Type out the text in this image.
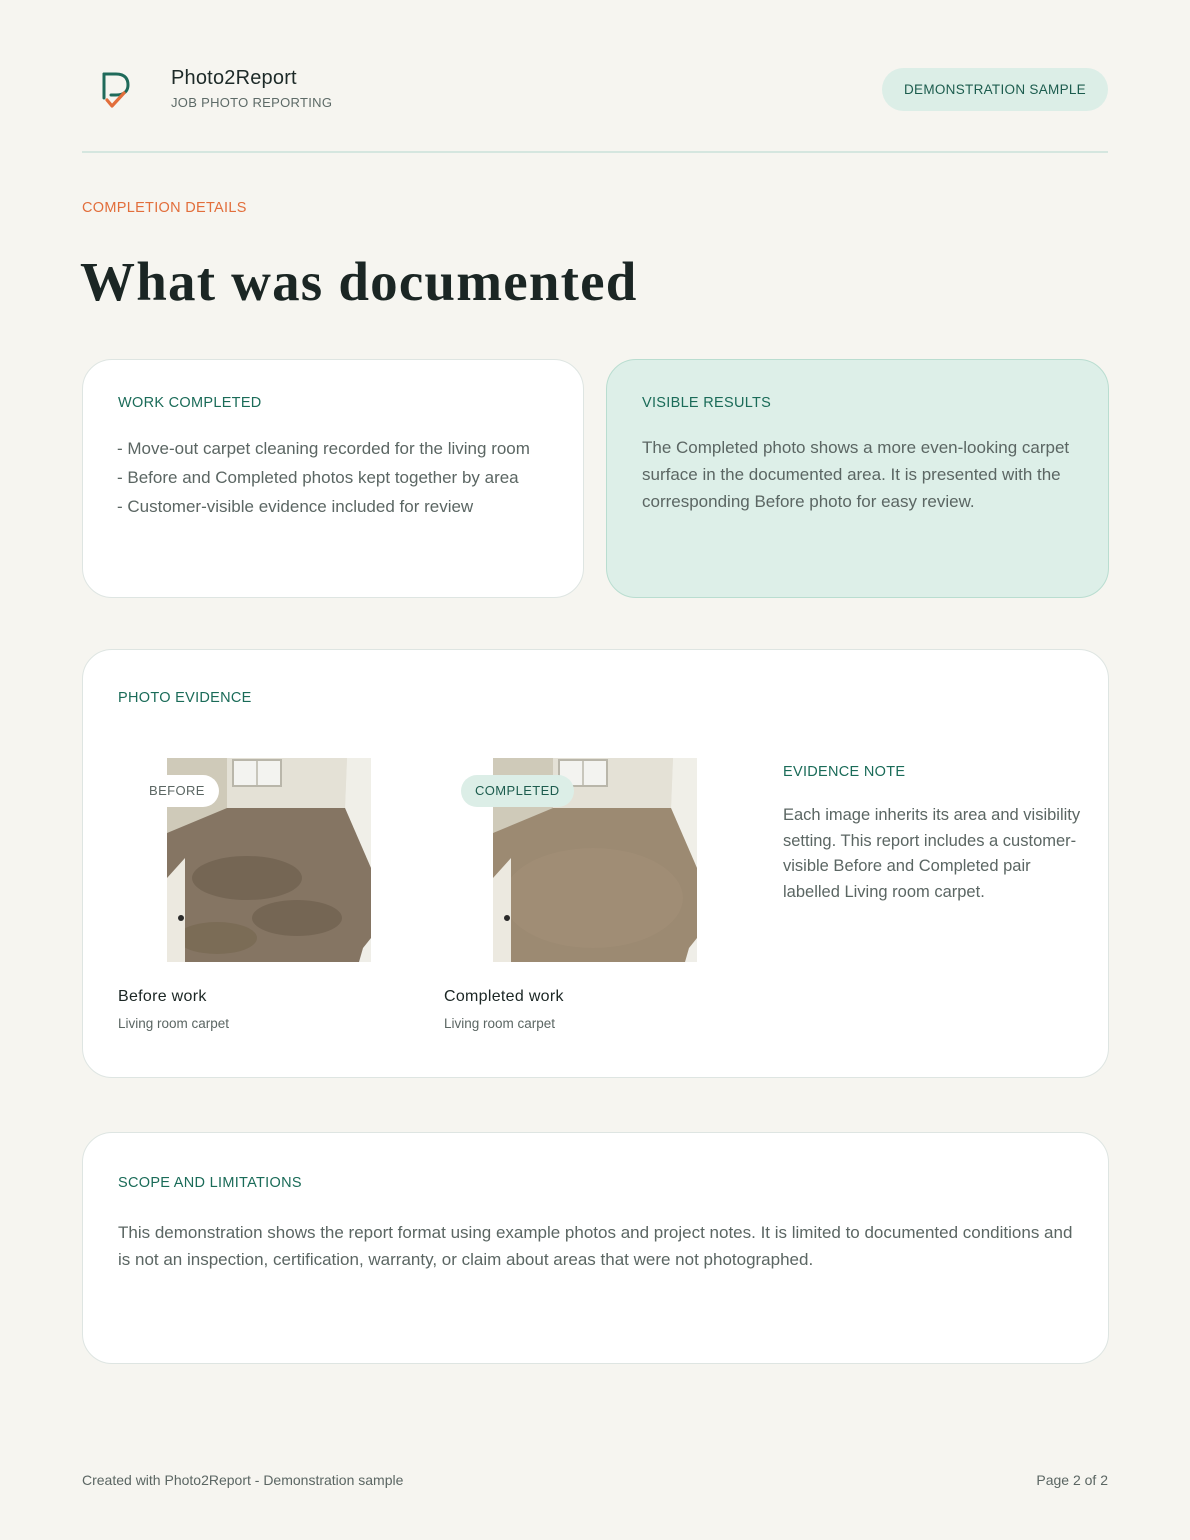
Photo2Report
JOB PHOTO REPORTING
DEMONSTRATION SAMPLE
COMPLETION DETAILS
What was documented
WORK COMPLETED
- Move-out carpet cleaning recorded for the living room
- Before and Completed photos kept together by area
- Customer-visible evidence included for review
VISIBLE RESULTS

The Completed photo shows a more even-looking carpet surface in the documented area. It is presented with the corresponding Before photo for easy review.

PHOTO EVIDENCE
BEFORE	COMPLETED
Before work
Living room carpet
Completed work
Living room carpet
EVIDENCE NOTE

Each image inherits its area and visibility setting. This report includes a customer-visible Before and Completed pair labelled Living room carpet.

SCOPE AND LIMITATIONS

This demonstration shows the report format using example photos and project notes. It is limited to documented conditions and is not an inspection, certification, warranty, or claim about areas that were not photographed.

Created with Photo2Report - Demonstration sample	Page 2 of 2
